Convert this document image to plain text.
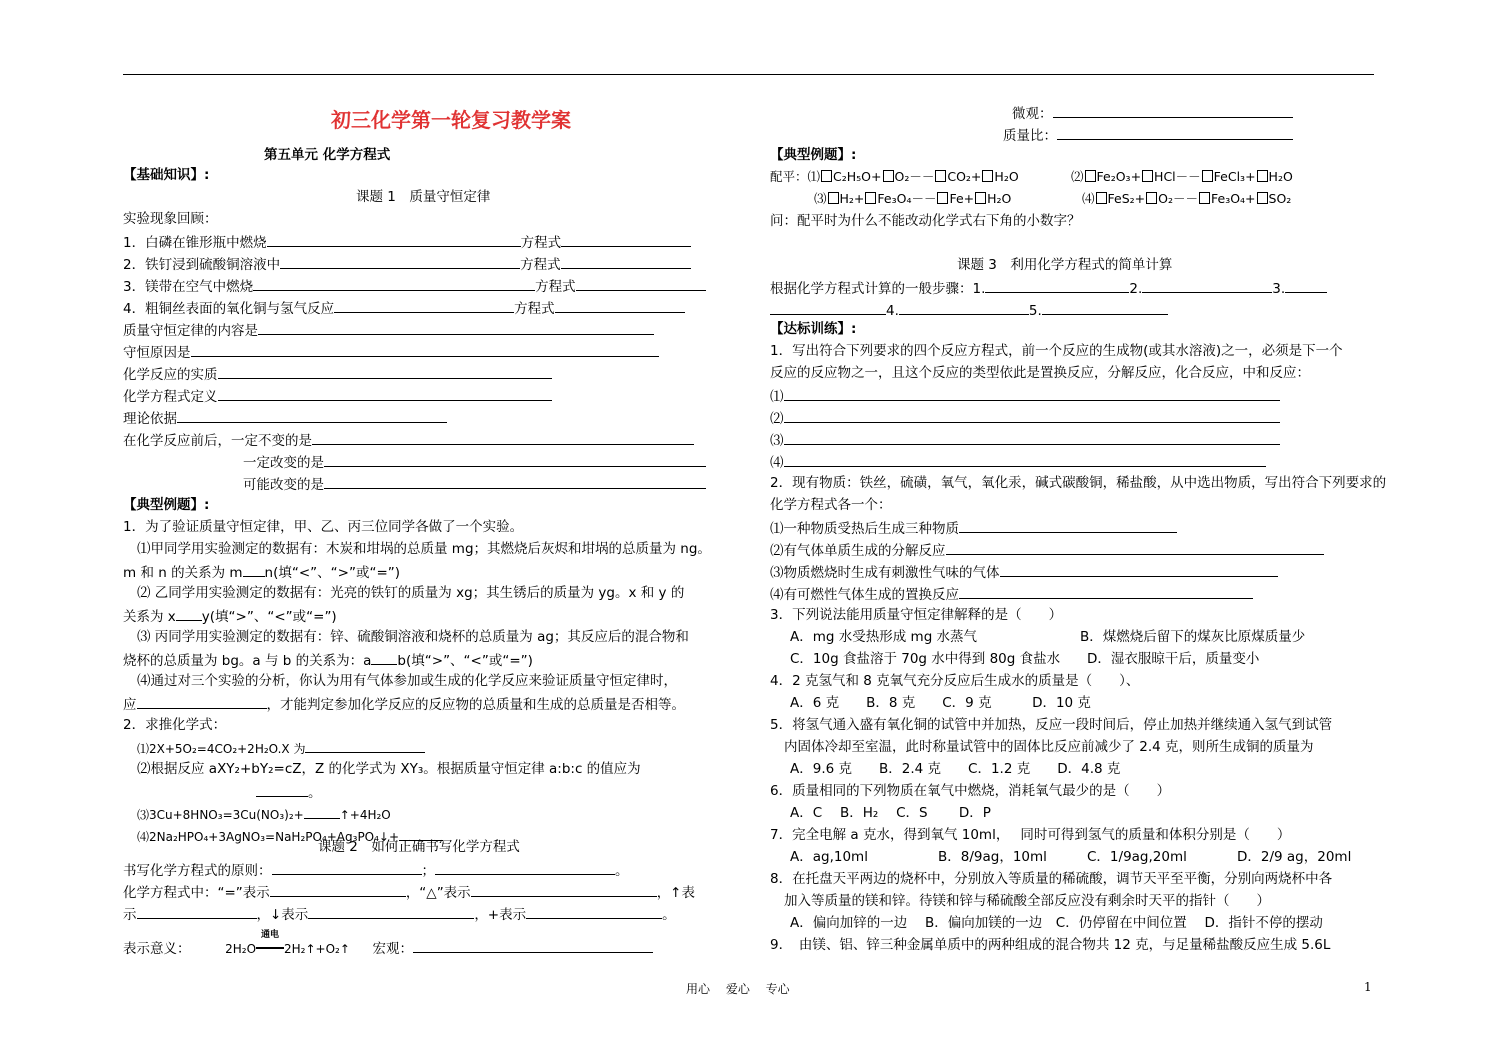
初三化学第一轮复习教学案
第五单元 化学方程式
【基础知识】:
课题 1　质量守恒定律
实验现象回顾：
1．白磷在锥形瓶中燃烧	方程式
2．铁钉浸到硫酸铜溶液中	方程式
3．镁带在空气中燃烧	方程式
4．粗铜丝表面的氧化铜与氢气反应	方程式
质量守恒定律的内容是
守恒原因是
化学反应的实质
化学方程式定义
理论依据
在化学反应前后，一定不变的是
一定改变的是
可能改变的是
【典型例题】:
1．为了验证质量守恒定律，甲、乙、丙三位同学各做了一个实验。
⑴甲同学用实验测定的数据有：木炭和坩埚的总质量 mg；其燃烧后灰烬和坩埚的总质量为 ng。
m 和 n 的关系为 m n(填“<”、“>”或“=”)
⑵ 乙同学用实验测定的数据有：光亮的铁钉的质量为 xg；其生锈后的质量为 yg。x 和 y 的
关系为 x y(填“>”、“<”或“=”)
⑶ 丙同学用实验测定的数据有：锌、硫酸铜溶液和烧杯的总质量为 ag；其反应后的混合物和
烧杯的总质量为 bg。a 与 b 的关系为：a b(填“>”、“<”或“=”)
⑷通过对三个实验的分析，你认为用有气体参加或生成的化学反应来验证质量守恒定律时，
应	，才能判定参加化学反应的反应物的总质量和生成的总质量是否相等。
2．求推化学式：
⑴2X+5O₂=4CO₂+2H₂O.X 为
⑵根据反应 aXY₂+bY₂=cZ，Z 的化学式为 XY₃。根据质量守恒定律 a:b:c 的值应为
。
⑶3Cu+8HNO₃=3Cu(NO₃)₂+	↑+4H₂O
⑷2Na₂HPO₄+3AgNO₃=NaH₂PO₄+Ag₃PO₄↓+
课题 2　如何正确书写化学方程式
书写化学方程式的原则：	；	。
化学方程式中：“=”表示	，“△”表示	，↑表
示	，↓表示	，+表示	。
表示意义：	2H₂O
通电
2H₂↑+O₂↑ 宏观：
微观：
质量比：
【典型例题】:
配平：⑴ C₂H₅O+ O₂－－ CO₂+ H₂O	⑵ Fe₂O₃+ HCl－－ FeCl₃+ H₂O
⑶ H₂+ Fe₃O₄－－ Fe+ H₂O	⑷ FeS₂+ O₂－－ Fe₃O₄+ SO₂
问：配平时为什么不能改动化学式右下角的小数字？
课题 3　利用化学方程式的简单计算
根据化学方程式计算的一般步骤：1.	2.	3.
4.	5.
【达标训练】:
1．写出符合下列要求的四个反应方程式，前一个反应的生成物(或其水溶液)之一，必须是下一个
反应的反应物之一，且这个反应的类型依此是置换反应，分解反应，化合反应，中和反应：
⑴
⑵
⑶
⑷
2．现有物质：铁丝，硫磺，氧气，氧化汞，碱式碳酸铜，稀盐酸，从中选出物质，写出符合下列要求的
化学方程式各一个：
⑴一种物质受热后生成三种物质
⑵有气体单质生成的分解反应
⑶物质燃烧时生成有刺激性气味的气体
⑷有可燃性气体生成的置换反应
3．下列说法能用质量守恒定律解释的是（　　）
A．mg 水受热形成 mg 水蒸气	B．煤燃烧后留下的煤灰比原煤质量少
C．10g 食盐溶于 70g 水中得到 80g 食盐水 D．湿衣服晾干后，质量变小
4．2 克氢气和 8 克氧气充分反应后生成水的质量是（　　）、
A．6 克　　B．8 克　　C．9 克　　　D．10 克
5．将氢气通入盛有氧化铜的试管中并加热，反应一段时间后，停止加热并继续通入氢气到试管
内固体冷却至室温，此时称量试管中的固体比反应前减少了 2.4 克，则所生成铜的质量为
A．9.6 克　　B．2.4 克　　C．1.2 克　　D．4.8 克
6．质量相同的下列物质在氧气中燃烧，消耗氧气最少的是（　　）
A．C　 B．H₂　 C．S　　 D．P
7．完全电解 a 克水，得到氧气 10ml，　 同时可得到氢气的质量和体积分别是（　　）
A．ag,10ml	B．8/9ag，10ml	C．1/9ag,20ml	D．2/9 ag，20ml
8．在托盘天平两边的烧杯中，分别放入等质量的稀硫酸，调节天平至平衡，分别向两烧杯中各
加入等质量的镁和锌。待镁和锌与稀硫酸全部反应没有剩余时天平的指针（　　）
A．偏向加锌的一边　 B．偏向加镁的一边　C．仍停留在中间位置　 D．指针不停的摆动
9．　由镁、铝、锌三种金属单质中的两种组成的混合物共 12 克，与足量稀盐酸反应生成 5.6L
用心　 爱心　 专心	1
